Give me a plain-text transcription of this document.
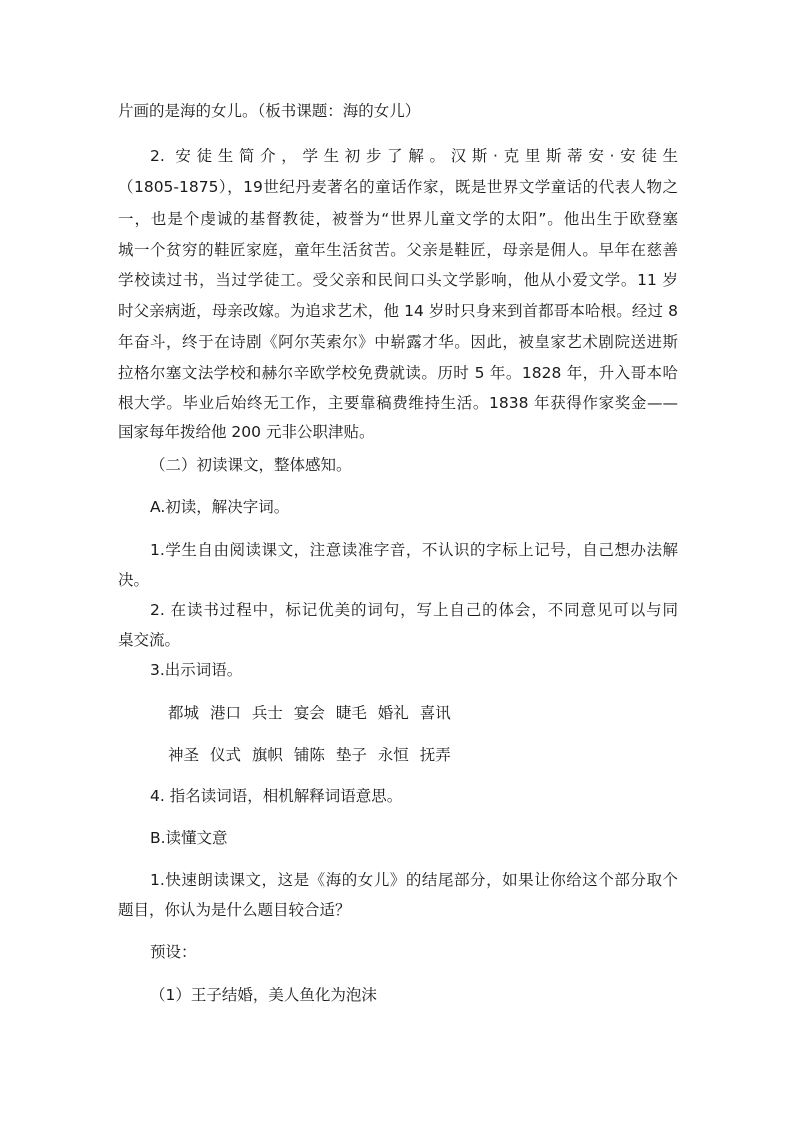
片画的是海的女儿。（板书课题：海的女儿）
2. 安徒生简介，学生初步了解。汉斯·克里斯蒂安·安徒生
（1805-1875），19世纪丹麦著名的童话作家，既是世界文学童话的代表人物之
一，也是个虔诚的基督教徒，被誉为“世界儿童文学的太阳”。他出生于欧登塞
城一个贫穷的鞋匠家庭，童年生活贫苦。父亲是鞋匠，母亲是佣人。早年在慈善
学校读过书，当过学徒工。受父亲和民间口头文学影响，他从小爱文学。11 岁
时父亲病逝，母亲改嫁。为追求艺术，他 14 岁时只身来到首都哥本哈根。经过 8
年奋斗，终于在诗剧《阿尔芙索尔》中崭露才华。因此，被皇家艺术剧院送进斯
拉格尔塞文法学校和赫尔辛欧学校免费就读。历时 5 年。1828 年，升入哥本哈
根大学。毕业后始终无工作，主要靠稿费维持生活。1838 年获得作家奖金——
国家每年拨给他 200 元非公职津贴。
（二）初读课文，整体感知。
A.初读，解决字词。
1.学生自由阅读课文，注意读准字音，不认识的字标上记号，自己想办法解
决。
2. 在读书过程中，标记优美的词句，写上自己的体会，不同意见可以与同
桌交流。
3.出示词语。
都城 港口 兵士 宴会 睫毛 婚礼 喜讯
神圣 仪式 旗帜 铺陈 垫子 永恒 抚弄
4. 指名读词语，相机解释词语意思。
B.读懂文意
1.快速朗读课文，这是《海的女儿》的结尾部分，如果让你给这个部分取个
题目，你认为是什么题目较合适？
预设：
（1）王子结婚，美人鱼化为泡沫
